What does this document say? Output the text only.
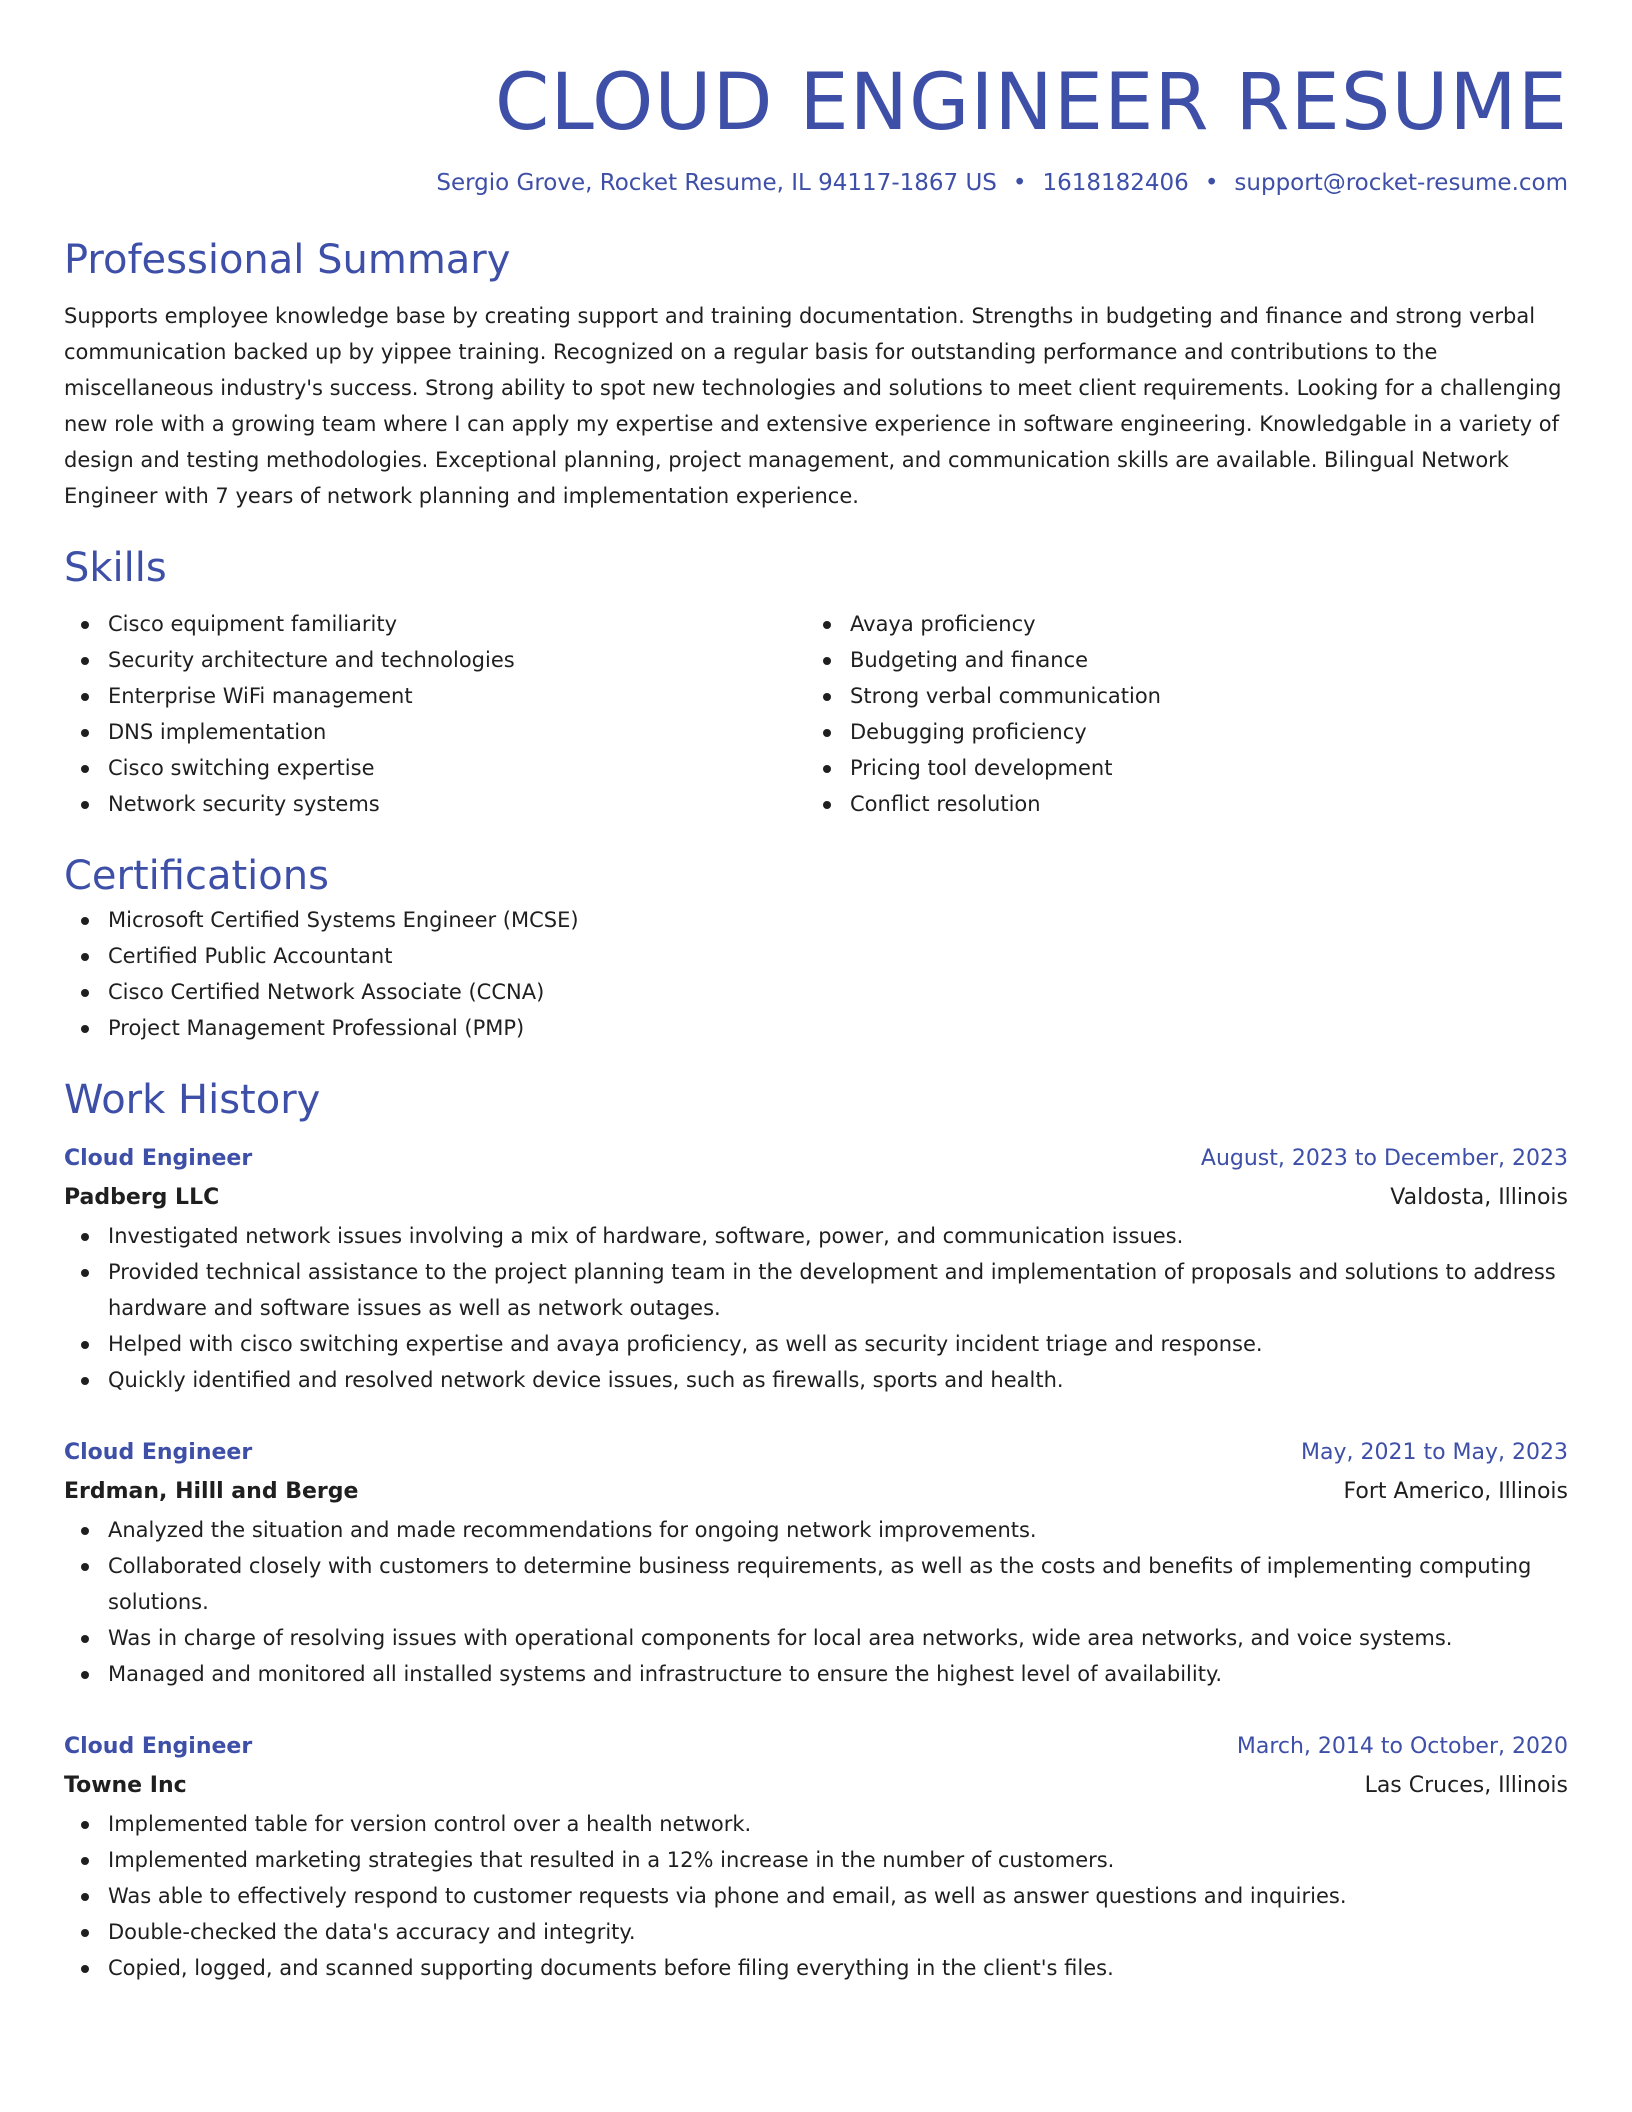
CLOUD ENGINEER RESUME
Sergio Grove, Rocket Resume, IL 94117-1867 US • 1618182406 • support@rocket-resume.com
Professional Summary
Supports employee knowledge base by creating support and training documentation. Strengths in budgeting and finance and strong verbal communication backed up by yippee training. Recognized on a regular basis for outstanding performance and contributions to the miscellaneous industry's success. Strong ability to spot new technologies and solutions to meet client requirements. Looking for a challenging new role with a growing team where I can apply my expertise and extensive experience in software engineering. Knowledgable in a variety of design and testing methodologies. Exceptional planning, project management, and communication skills are available. Bilingual Network Engineer with 7 years of network planning and implementation experience.
Skills
Cisco equipment familiarity
Security architecture and technologies
Enterprise WiFi management
DNS implementation
Cisco switching expertise
Network security systems
Avaya proficiency
Budgeting and finance
Strong verbal communication
Debugging proficiency
Pricing tool development
Conflict resolution
Certifications
Microsoft Certified Systems Engineer (MCSE)
Certified Public Accountant
Cisco Certified Network Associate (CCNA)
Project Management Professional (PMP)
Work History
Cloud Engineer	August, 2023 to December, 2023
Padberg LLC	Valdosta, Illinois
Investigated network issues involving a mix of hardware, software, power, and communication issues.
Provided technical assistance to the project planning team in the development and implementation of proposals and solutions to address hardware and software issues as well as network outages.
Helped with cisco switching expertise and avaya proficiency, as well as security incident triage and response.
Quickly identified and resolved network device issues, such as firewalls, sports and health.
Cloud Engineer	May, 2021 to May, 2023
Erdman, Hilll and Berge	Fort Americo, Illinois
Analyzed the situation and made recommendations for ongoing network improvements.
Collaborated closely with customers to determine business requirements, as well as the costs and benefits of implementing computing solutions.
Was in charge of resolving issues with operational components for local area networks, wide area networks, and voice systems.
Managed and monitored all installed systems and infrastructure to ensure the highest level of availability.
Cloud Engineer	March, 2014 to October, 2020
Towne Inc	Las Cruces, Illinois
Implemented table for version control over a health network.
Implemented marketing strategies that resulted in a 12% increase in the number of customers.
Was able to effectively respond to customer requests via phone and email, as well as answer questions and inquiries.
Double-checked the data's accuracy and integrity.
Copied, logged, and scanned supporting documents before filing everything in the client's files.
